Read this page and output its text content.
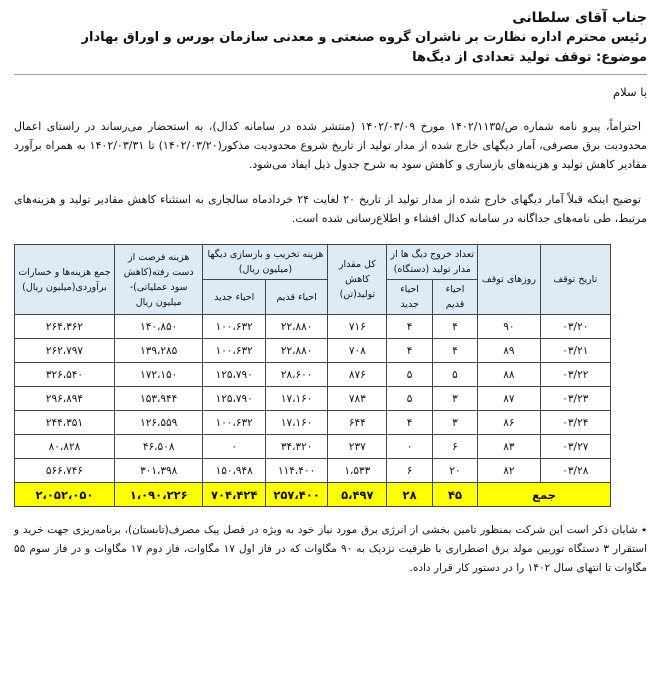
جناب آقای سلطانی
رئیس محترم اداره نظارت بر ناشران گروه صنعتی و معدنی سازمان بورس و اوراق بهادار
موضوع: توقف تولید تعدادی از دیگ‌ها
با سلام

احتراماً، پیرو نامه شماره ص/۱۴۰۲/۱۱۳۵ مورخ ۱۴۰۲/۰۳/۰۹ (منتشر شده در سامانه کدال)، به استحضار می‌رساند در راستای اعمال محدودیت برق مصرفی، آمار دیگهای خارج شده از مدار تولید از تاریخ شروع محدودیت مذکور(۱۴۰۲/۰۳/۲۰) تا ۱۴۰۲/۰۳/۳۱ به همراه برآورد مقادیر کاهش تولید و هزینه‌های بازسازی و کاهش سود به شرح جدول ذیل ایفاد می‌شود.

توضیح اینکه قبلاً آمار دیگهای خارج شده از مدار تولید از تاریخ ۲۰ لغایت ۲۴ خردادماه سالجاری به استثناء کاهش مقادیر تولید و هزینه‌های مرتبط، طی نامه‌های جداگانه در سامانه کدال افشاء و اطلاع‌رسانی شده است.

تاریخ توقف	روزهای توقف	تعداد خروج دیگ ها از مدار تولید (دستگاه)		کل مقدار کاهش تولید(تن)	هزینه تخریب و بازسازی دیگها (میلیون ریال)		هزینه فرصت از دست رفته(کاهش سود عملیاتی)-میلیون ریال	جمع هزینه‌ها و خسارات برآوردی(میلیون ریال)
		احیاء قدیم	احیاء جدید		احیاء قدیم	احیاء جدید		
۰۳/۲۰	۹۰	۴	۴	۷۱۶	۲۲،۸۸۰	۱۰۰،۶۳۲	۱۴۰،۸۵۰	۲۶۴،۳۶۲
۰۳/۲۱	۸۹	۴	۴	۷۰۸	۲۲،۸۸۰	۱۰۰،۶۳۲	۱۳۹،۲۸۵	۲۶۲،۷۹۷
۰۳/۲۲	۸۸	۵	۵	۸۷۶	۲۸،۶۰۰	۱۲۵،۷۹۰	۱۷۲،۱۵۰	۳۲۶،۵۴۰
۰۳/۲۳	۸۷	۳	۵	۷۸۳	۱۷،۱۶۰	۱۲۵،۷۹۰	۱۵۳،۹۴۴	۲۹۶،۸۹۴
۰۳/۲۴	۸۶	۳	۴	۶۴۴	۱۷،۱۶۰	۱۰۰،۶۳۲	۱۲۶،۵۵۹	۲۴۴،۳۵۱
۰۳/۲۷	۸۳	۶	۰	۲۳۷	۳۴،۳۲۰	۰	۴۶،۵۰۸	۸۰،۸۲۸
۰۳/۲۸	۸۲	۲۰	۶	۱،۵۳۳	۱۱۴،۴۰۰	۱۵۰،۹۴۸	۳۰۱،۳۹۸	۵۶۶،۷۴۶
جمع		۴۵	۲۸	۵،۴۹۷	۲۵۷،۴۰۰	۷۰۴،۴۲۴	۱،۰۹۰،۲۲۶	۲،۰۵۲،۰۵۰

٭ شایان ذکر است این شرکت بمنظور تامین بخشی از انرژی برق مورد نیاز خود به ویژه در فصل پیک مصرف(تابستان)، برنامه‌ریزی جهت خرید و استقرار ۳ دستگاه توربین مولد برق اضطراری با ظرفیت نزدیک به ۹۰ مگاوات که در فاز اول ۱۷ مگاوات، فاز دوم ۱۷ مگاوات و در فاز سوم ۵۵ مگاوات تا انتهای سال ۱۴۰۲ را در دستور کار قرار داده.
